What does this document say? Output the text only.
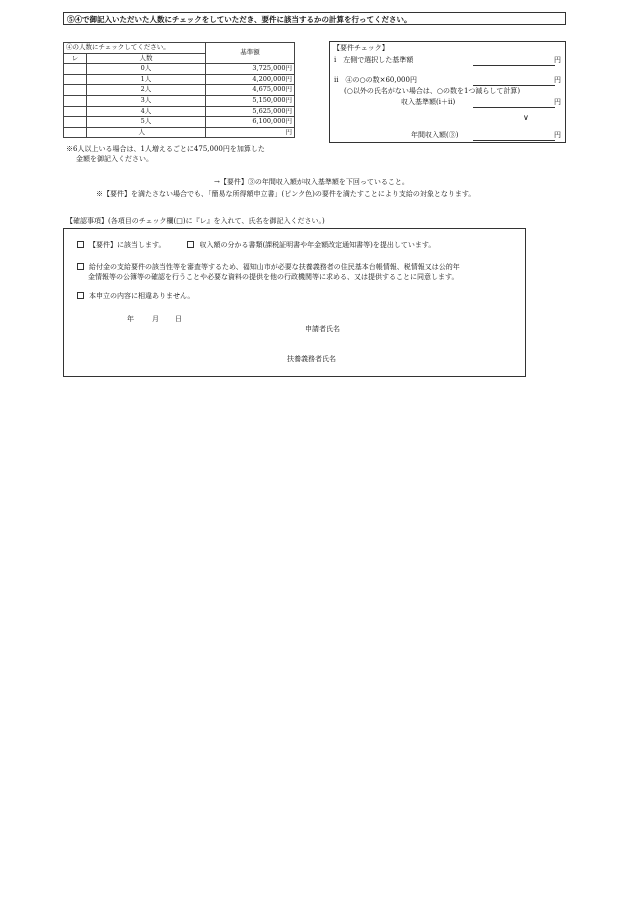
⑤④で御記入いただいた人数にチェックをしていただき、要件に該当するかの計算を行ってください。
④の人数にチェックしてください。		基準額
レ	人数	
	0人	3,725,000円
	1人	4,200,000円
	2人	4,675,000円
	3人	5,150,000円
	4人	5,625,000円
	5人	6,100,000円
	人	円
※6人以上いる場合は、1人増えるごとに475,000円を加算した
金額を御記入ください。
【要件チェック】
i　左側で選択した基準額	円
ii　④の○の数×60,000円	円
(○以外の氏名がない場合は、○の数を1つ減らして計算)
収入基準額(i＋ii)	円
∨
年間収入額(③)	円
→【要件】③の年間収入額が収入基準額を下回っていること。
※【要件】を満たさない場合でも、「簡易な所得額申立書」(ピンク色)の要件を満たすことにより支給の対象となります。
【確認事項】(各項目のチェック欄(□)に『レ』を入れて、氏名を御記入ください。)
【要件】に該当します。	収入額の分かる書類(課税証明書や年金額改定通知書等)を提出しています。
給付金の支給要件の該当性等を審査等するため、福知山市が必要な扶養義務者の住民基本台帳情報、税情報又は公的年
金情報等の公簿等の確認を行うことや必要な資料の提供を他の行政機関等に求める、又は提供することに同意します。
本申立の内容に相違ありません。
年	月 日
申請者氏名
扶養義務者氏名
